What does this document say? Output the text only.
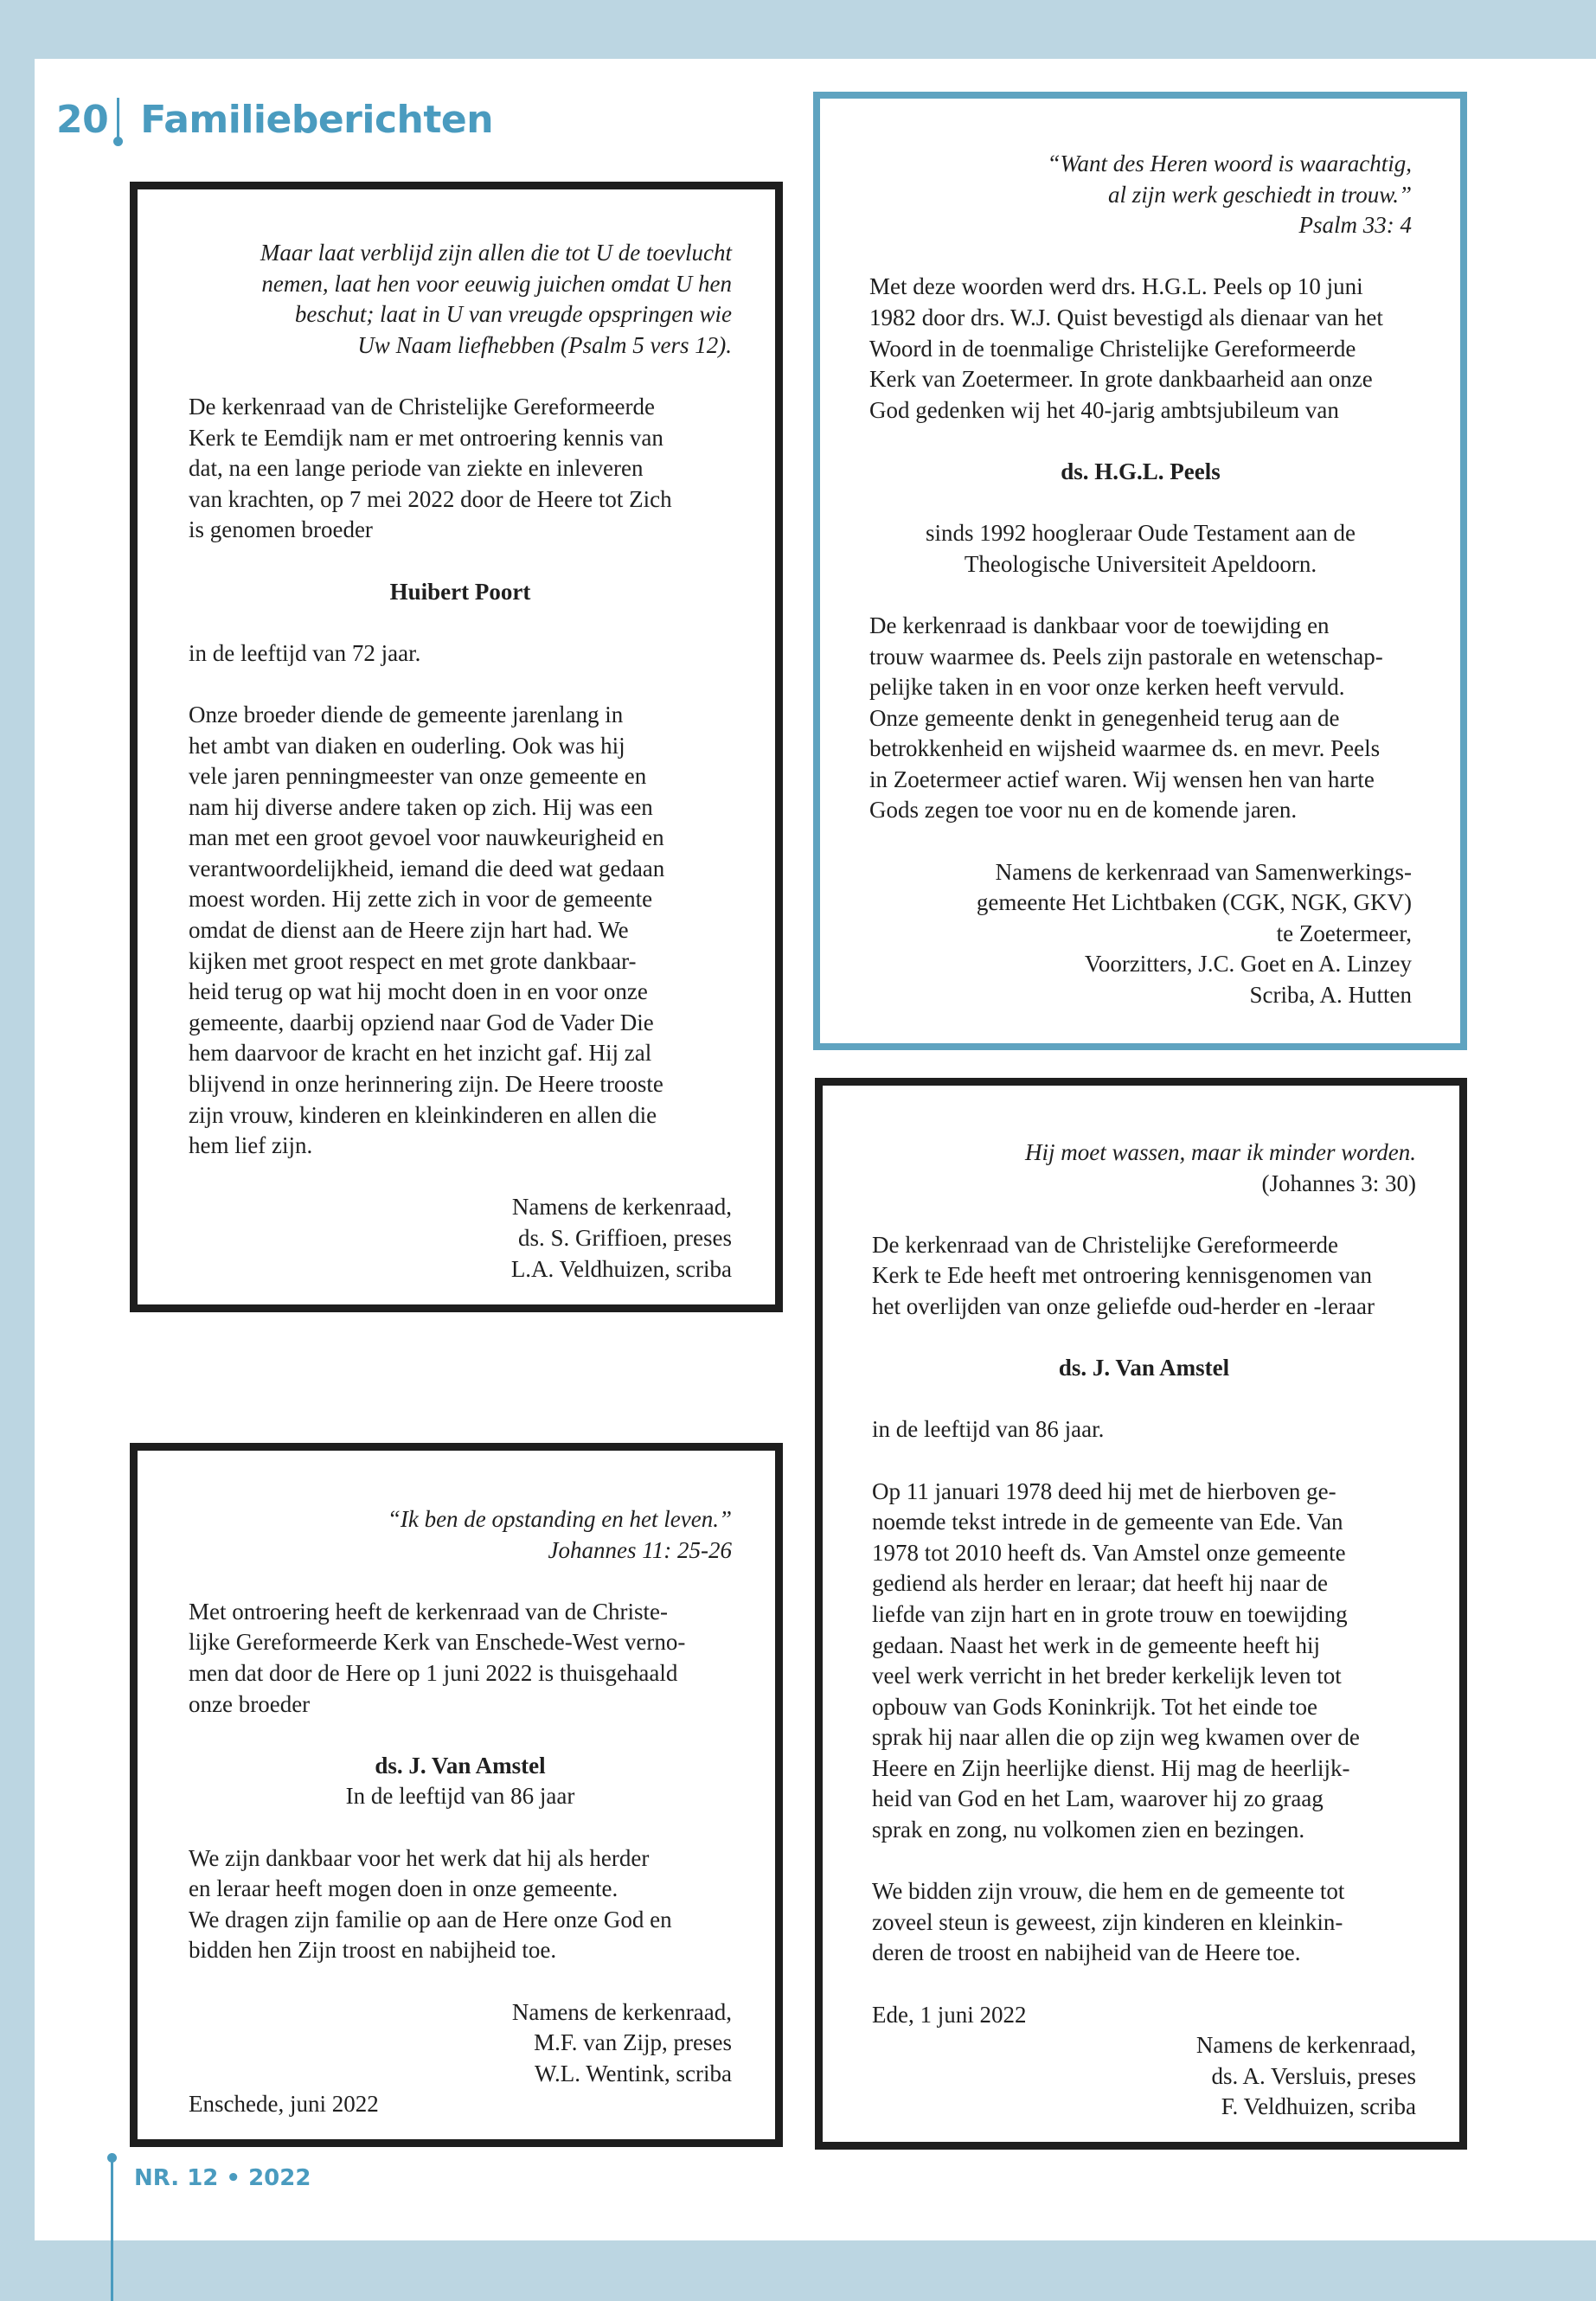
20 Familieberichten

Maar laat verblijd zijn allen die tot U de toevlucht

nemen, laat hen voor eeuwig juichen omdat U hen

beschut; laat in U van vreugde opspringen wie

Uw Naam liefhebben (Psalm 5 vers 12).

De kerkenraad van de Christelijke Gereformeerde

Kerk te Eemdijk nam er met ontroering kennis van

dat, na een lange periode van ziekte en inleveren

van krachten, op 7 mei 2022 door de Heere tot Zich

is genomen broeder

Huibert Poort

in de leeftijd van 72 jaar.

Onze broeder diende de gemeente jarenlang in

het ambt van diaken en ouderling. Ook was hij

vele jaren penningmeester van onze gemeente en

nam hij diverse andere taken op zich. Hij was een

man met een groot gevoel voor nauwkeurigheid en

verantwoordelijkheid, iemand die deed wat gedaan

moest worden. Hij zette zich in voor de gemeente

omdat de dienst aan de Heere zijn hart had. We

kijken met groot respect en met grote dankbaar-

heid terug op wat hij mocht doen in en voor onze

gemeente, daarbij opziend naar God de Vader Die

hem daarvoor de kracht en het inzicht gaf. Hij zal

blijvend in onze herinnering zijn. De Heere trooste

zijn vrouw, kinderen en kleinkinderen en allen die

hem lief zijn.

Namens de kerkenraad,

ds. S. Griffioen, preses

L.A. Veldhuizen, scriba

“Want des Heren woord is waarachtig,

al zijn werk geschiedt in trouw.”

Psalm 33: 4

Met deze woorden werd drs. H.G.L. Peels op 10 juni

1982 door drs. W.J. Quist bevestigd als dienaar van het

Woord in de toenmalige Christelijke Gereformeerde

Kerk van Zoetermeer. In grote dankbaarheid aan onze

God gedenken wij het 40-jarig ambtsjubileum van

ds. H.G.L. Peels

sinds 1992 hoogleraar Oude Testament aan de

Theologische Universiteit Apeldoorn.

De kerkenraad is dankbaar voor de toewijding en

trouw waarmee ds. Peels zijn pastorale en wetenschap-

pelijke taken in en voor onze kerken heeft vervuld.

Onze gemeente denkt in genegenheid terug aan de

betrokkenheid en wijsheid waarmee ds. en mevr. Peels

in Zoetermeer actief waren. Wij wensen hen van harte

Gods zegen toe voor nu en de komende jaren.

Namens de kerkenraad van Samenwerkings-

gemeente Het Lichtbaken (CGK, NGK, GKV)

te Zoetermeer,

Voorzitters, J.C. Goet en A. Linzey

Scriba, A. Hutten

“Ik ben de opstanding en het leven.”

Johannes 11: 25-26

Met ontroering heeft de kerkenraad van de Christe-

lijke Gereformeerde Kerk van Enschede-West verno-

men dat door de Here op 1 juni 2022 is thuisgehaald

onze broeder

ds. J. Van Amstel

In de leeftijd van 86 jaar

We zijn dankbaar voor het werk dat hij als herder

en leraar heeft mogen doen in onze gemeente.

We dragen zijn familie op aan de Here onze God en

bidden hen Zijn troost en nabijheid toe.

Namens de kerkenraad,

M.F. van Zijp, preses

W.L. Wentink, scriba

Enschede, juni 2022

Hij moet wassen, maar ik minder worden.

(Johannes 3: 30)

De kerkenraad van de Christelijke Gereformeerde

Kerk te Ede heeft met ontroering kennisgenomen van

het overlijden van onze geliefde oud-herder en -leraar

ds. J. Van Amstel

in de leeftijd van 86 jaar.

Op 11 januari 1978 deed hij met de hierboven ge-

noemde tekst intrede in de gemeente van Ede. Van

1978 tot 2010 heeft ds. Van Amstel onze gemeente

gediend als herder en leraar; dat heeft hij naar de

liefde van zijn hart en in grote trouw en toewijding

gedaan. Naast het werk in de gemeente heeft hij

veel werk verricht in het breder kerkelijk leven tot

opbouw van Gods Koninkrijk. Tot het einde toe

sprak hij naar allen die op zijn weg kwamen over de

Heere en Zijn heerlijke dienst. Hij mag de heerlijk-

heid van God en het Lam, waarover hij zo graag

sprak en zong, nu volkomen zien en bezingen.

We bidden zijn vrouw, die hem en de gemeente tot

zoveel steun is geweest, zijn kinderen en kleinkin-

deren de troost en nabijheid van de Heere toe.

Ede, 1 juni 2022

Namens de kerkenraad,

ds. A. Versluis, preses

F. Veldhuizen, scriba

NR. 12 • 2022
